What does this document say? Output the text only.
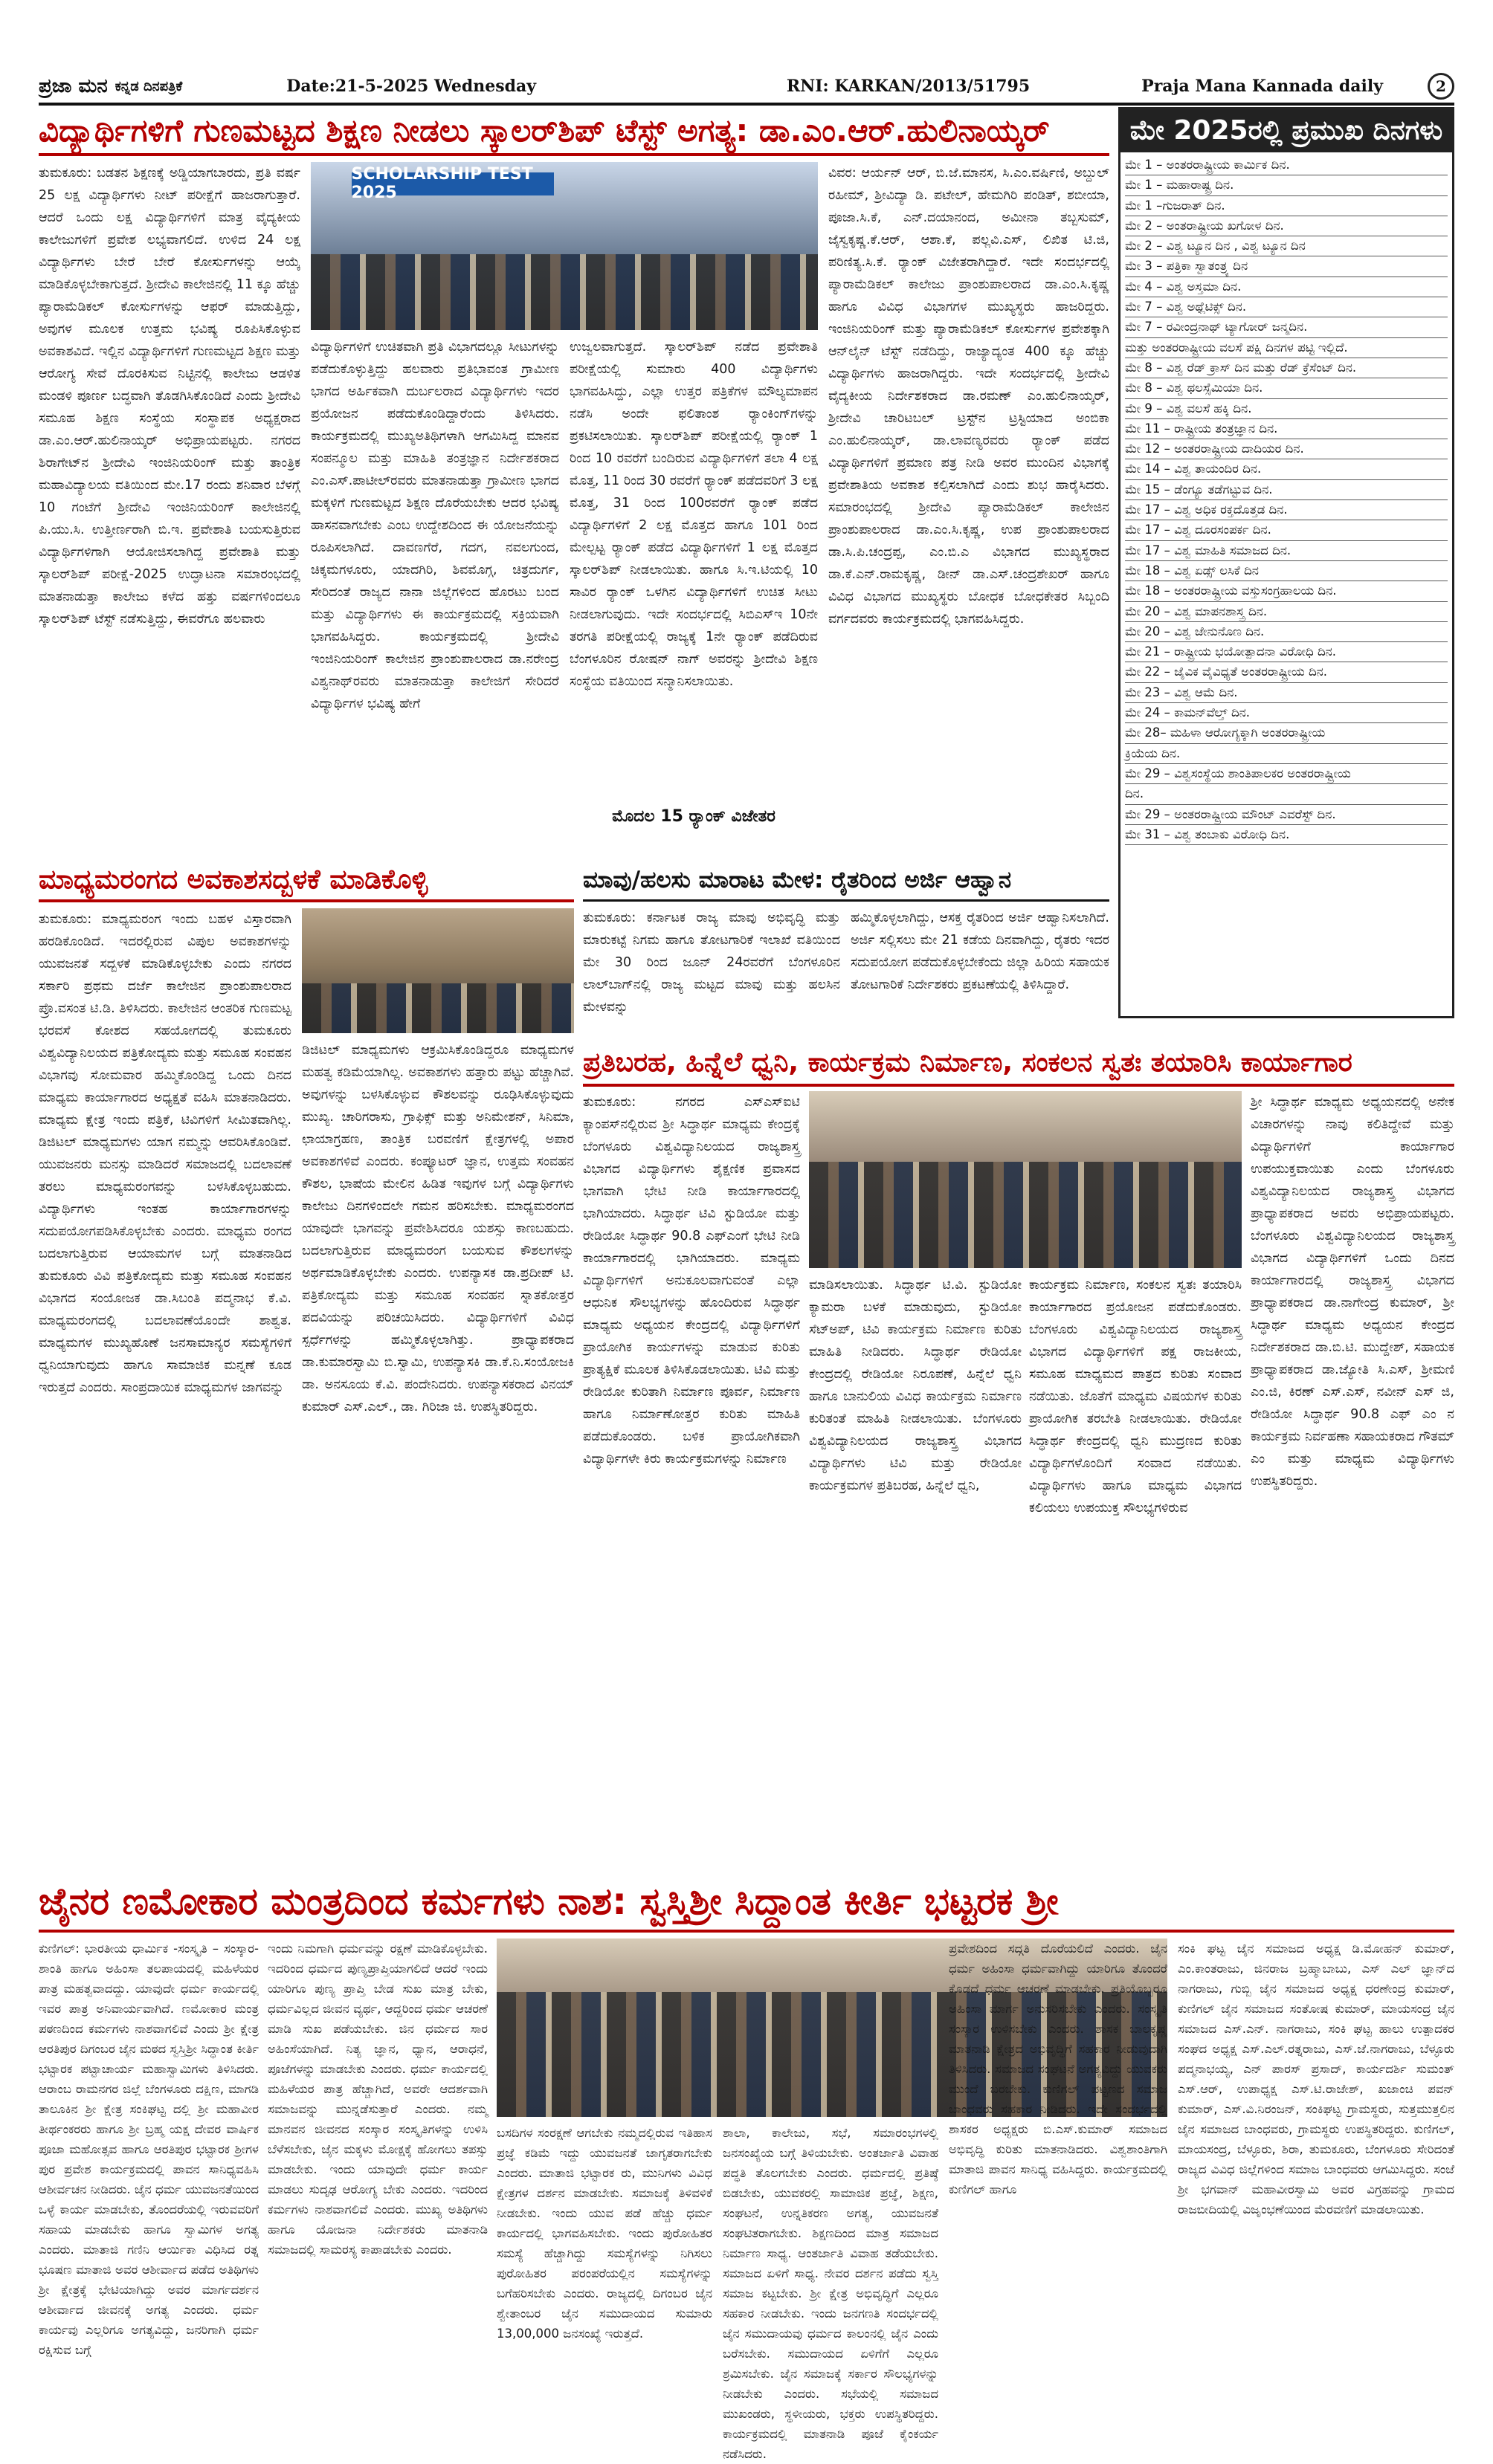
ಪ್ರಜಾ ಮನ ಕನ್ನಡ ದಿನಪತ್ರಿಕೆ	Date:21-5-2025 Wednesday	RNI: KARKAN/2013/51795	Praja Mana Kannada daily	2
ವಿದ್ಯಾರ್ಥಿಗಳಿಗೆ ಗುಣಮಟ್ಟದ ಶಿಕ್ಷಣ ನೀಡಲು ಸ್ಕಾಲರ್‌ಶಿಪ್ ಟೆಸ್ಟ್ ಅಗತ್ಯ: ಡಾ.ಎಂ.ಆರ್.ಹುಲಿನಾಯ್ಕರ್
ತುಮಕೂರು: ಬಡತನ ಶಿಕ್ಷಣಕ್ಕೆ ಅಡ್ಡಿಯಾಗಬಾರದು, ಪ್ರತಿ ವರ್ಷ 25 ಲಕ್ಷ ವಿದ್ಯಾರ್ಥಿಗಳು ನೀಟ್ ಪರೀಕ್ಷೆಗೆ ಹಾಜರಾಗುತ್ತಾರೆ. ಆದರೆ ಒಂದು ಲಕ್ಷ ವಿದ್ಯಾರ್ಥಿಗಳಿಗೆ ಮಾತ್ರ ವೈದ್ಯಕೀಯ ಕಾಲೇಜುಗಳಿಗೆ ಪ್ರವೇಶ ಲಭ್ಯವಾಗಲಿದೆ. ಉಳಿದ 24 ಲಕ್ಷ ವಿದ್ಯಾರ್ಥಿಗಳು ಬೇರೆ ಬೇರೆ ಕೋರ್ಸುಗಳನ್ನು ಆಯ್ಕೆ ಮಾಡಿಕೊಳ್ಳಬೇಕಾಗುತ್ತದೆ. ಶ್ರೀದೇವಿ ಕಾಲೇಜಿನಲ್ಲಿ 11 ಕ್ಕೂ ಹೆಚ್ಚು ಪ್ಯಾರಾಮೆಡಿಕಲ್ ಕೋರ್ಸುಗಳನ್ನು ಆಫರ್ ಮಾಡುತ್ತಿದ್ದು, ಅವುಗಳ ಮೂಲಕ ಉತ್ತಮ ಭವಿಷ್ಯ ರೂಪಿಸಿಕೊಳ್ಳುವ ಅವಕಾಶವಿದೆ. ಇಲ್ಲಿನ ವಿದ್ಯಾರ್ಥಿಗಳಿಗೆ ಗುಣಮಟ್ಟದ ಶಿಕ್ಷಣ ಮತ್ತು ಆರೋಗ್ಯ ಸೇವೆ ದೊರಕಿಸುವ ನಿಟ್ಟಿನಲ್ಲಿ ಕಾಲೇಜು ಆಡಳಿತ ಮಂಡಳಿ ಪೂರ್ಣ ಬದ್ಧವಾಗಿ ತೊಡಗಿಸಿಕೊಂಡಿದೆ ಎಂದು ಶ್ರೀದೇವಿ ಸಮೂಹ ಶಿಕ್ಷಣ ಸಂಸ್ಥೆಯ ಸಂಸ್ಥಾಪಕ ಅಧ್ಯಕ್ಷರಾದ ಡಾ.ಎಂ.ಆರ್.ಹುಲಿನಾಯ್ಕರ್ ಅಭಿಪ್ರಾಯಪಟ್ಟರು. ನಗರದ ಶಿರಾಗೇಟ್‌ನ ಶ್ರೀದೇವಿ ಇಂಜಿನಿಯರಿಂಗ್ ಮತ್ತು ತಾಂತ್ರಿಕ ಮಹಾವಿದ್ಯಾಲಯ ವತಿಯಿಂದ ಮೇ.17 ರಂದು ಶನಿವಾರ ಬೆಳಗ್ಗೆ 10 ಗಂಟೆಗೆ ಶ್ರೀದೇವಿ ಇಂಜಿನಿಯರಿಂಗ್ ಕಾಲೇಜಿನಲ್ಲಿ ಪಿ.ಯು.ಸಿ. ಉತ್ತೀರ್ಣರಾಗಿ ಬಿ.ಇ. ಪ್ರವೇಶಾತಿ ಬಯಸುತ್ತಿರುವ ವಿದ್ಯಾರ್ಥಿಗಳಿಗಾಗಿ ಆಯೋಜಿಸಲಾಗಿದ್ದ ಪ್ರವೇಶಾತಿ ಮತ್ತು ಸ್ಕಾಲರ್‌ಶಿಪ್ ಪರೀಕ್ಷೆ-2025 ಉದ್ಘಾಟನಾ ಸಮಾರಂಭದಲ್ಲಿ ಮಾತನಾಡುತ್ತಾ ಕಾಲೇಜು ಕಳೆದ ಹತ್ತು ವರ್ಷಗಳಿಂದಲೂ ಸ್ಕಾಲರ್‌ಶಿಪ್ ಟೆಸ್ಟ್ ನಡೆಸುತ್ತಿದ್ದು, ಈವರೆಗೂ ಹಲವಾರು
SCHOLARSHIP TEST 2025
ವಿದ್ಯಾರ್ಥಿಗಳಿಗೆ ಉಚಿತವಾಗಿ ಪ್ರತಿ ವಿಭಾಗದಲ್ಲೂ ಸೀಟುಗಳನ್ನು ಪಡೆದುಕೊಳ್ಳುತ್ತಿದ್ದು ಹಲವಾರು ಪ್ರತಿಭಾವಂತ ಗ್ರಾಮೀಣ ಭಾಗದ ಅರ್ಹಿಕವಾಗಿ ದುರ್ಬಲರಾದ ವಿದ್ಯಾರ್ಥಿಗಳು ಇದರ ಪ್ರಯೋಜನ ಪಡೆದುಕೊಂಡಿದ್ದಾರೆಂದು ತಿಳಿಸಿದರು. ಕಾರ್ಯಕ್ರಮದಲ್ಲಿ ಮುಖ್ಯಅತಿಥಿಗಳಾಗಿ ಆಗಮಿಸಿದ್ದ ಮಾನವ ಸಂಪನ್ಮೂಲ ಮತ್ತು ಮಾಹಿತಿ ತಂತ್ರಜ್ಞಾನ ನಿರ್ದೇಶಕರಾದ ಎಂ.ಎಸ್.ಪಾಟೀಲ್‌ರವರು ಮಾತನಾಡುತ್ತಾ ಗ್ರಾಮೀಣ ಭಾಗದ ಮಕ್ಕಳಿಗೆ ಗುಣಮಟ್ಟದ ಶಿಕ್ಷಣ ದೊರೆಯಬೇಕು ಆದರ ಭವಿಷ್ಯ ಹಾಸನವಾಗಬೇಕು ಎಂಬ ಉದ್ದೇಶದಿಂದ ಈ ಯೋಜನೆಯನ್ನು ರೂಪಿಸಲಾಗಿದೆ. ದಾವಣಗೆರೆ, ಗದಗ, ನವಲಗುಂದ, ಚಿಕ್ಕಮಗಳೂರು, ಯಾದಗಿರಿ, ಶಿವಮೊಗ್ಗ, ಚಿತ್ರದುರ್ಗ, ಸೇರಿದಂತೆ ರಾಜ್ಯದ ನಾನಾ ಜಿಲ್ಲೆಗಳಿಂದ ಹೊರಟು ಬಂದ ಮತ್ತು ವಿದ್ಯಾರ್ಥಿಗಳು ಈ ಕಾರ್ಯಕ್ರಮದಲ್ಲಿ ಸಕ್ರಿಯವಾಗಿ ಭಾಗವಹಿಸಿದ್ದರು. ಕಾರ್ಯಕ್ರಮದಲ್ಲಿ ಶ್ರೀದೇವಿ ಇಂಜಿನಿಯರಿಂಗ್ ಕಾಲೇಜಿನ ಪ್ರಾಂಶುಪಾಲರಾದ ಡಾ.ನರೇಂದ್ರ ವಿಶ್ವನಾಥ್‌ರವರು ಮಾತನಾಡುತ್ತಾ ಕಾಲೇಜಿಗೆ ಸೇರಿದರೆ ವಿದ್ಯಾರ್ಥಿಗಳ ಭವಿಷ್ಯ ಹೇಗೆ
ಉಜ್ವಲವಾಗುತ್ತದೆ. ಸ್ಕಾಲರ್‌ಶಿಪ್ ನಡೆದ ಪ್ರವೇಶಾತಿ ಪರೀಕ್ಷೆಯಲ್ಲಿ ಸುಮಾರು 400 ವಿದ್ಯಾರ್ಥಿಗಳು ಭಾಗವಹಿಸಿದ್ದು, ಎಲ್ಲಾ ಉತ್ತರ ಪತ್ರಿಕೆಗಳ ಮೌಲ್ಯಮಾಪನ ನಡೆಸಿ ಅಂದೇ ಫಲಿತಾಂಶ ರ್‍ಯಾಂಕಿಂಗ್‌ಗಳನ್ನು ಪ್ರಕಟಿಸಲಾಯಿತು. ಸ್ಕಾಲರ್‌ಶಿಪ್ ಪರೀಕ್ಷೆಯಲ್ಲಿ ರ್‍ಯಾಂಕ್ 1 ರಿಂದ 10 ರವರೆಗೆ ಬಂದಿರುವ ವಿದ್ಯಾರ್ಥಿಗಳಿಗೆ ತಲಾ 4 ಲಕ್ಷ ಮೊತ್ತ, 11 ರಿಂದ 30 ರವರೆಗೆ ರ್‍ಯಾಂಕ್ ಪಡೆದವರಿಗೆ 3 ಲಕ್ಷ ಮೊತ್ತ, 31 ರಿಂದ 100ರವರೆಗೆ ರ್‍ಯಾಂಕ್ ಪಡೆದ ವಿದ್ಯಾರ್ಥಿಗಳಿಗೆ 2 ಲಕ್ಷ ಮೊತ್ತದ ಹಾಗೂ 101 ರಿಂದ ಮೇಲ್ಪಟ್ಟ ರ್‍ಯಾಂಕ್ ಪಡೆದ ವಿದ್ಯಾರ್ಥಿಗಳಿಗೆ 1 ಲಕ್ಷ ಮೊತ್ತದ ಸ್ಕಾಲರ್‌ಶಿಪ್ ನೀಡಲಾಯಿತು. ಹಾಗೂ ಸಿ.ಇ.ಟಿಯಲ್ಲಿ 10 ಸಾವಿರ ರ್‍ಯಾಂಕ್ ಒಳಗಿನ ವಿದ್ಯಾರ್ಥಿಗಳಿಗೆ ಉಚಿತ ಸೀಟು ನೀಡಲಾಗುವುದು. ಇದೇ ಸಂದರ್ಭದಲ್ಲಿ ಸಿಬಿಎಸ್ಇ 10ನೇ ತರಗತಿ ಪರೀಕ್ಷೆಯಲ್ಲಿ ರಾಜ್ಯಕ್ಕೆ 1ನೇ ರ್‍ಯಾಂಕ್ ಪಡೆದಿರುವ ಬೆಂಗಳೂರಿನ ರೋಷನ್ ನಾಗ್ ಅವರನ್ನು ಶ್ರೀದೇವಿ ಶಿಕ್ಷಣ ಸಂಸ್ಥೆಯ ವತಿಯಿಂದ ಸನ್ಮಾನಿಸಲಾಯಿತು.
ಮೊದಲ 15 ರ್‍ಯಾಂಕ್ ವಿಜೇತರ
ವಿವರ: ಆರ್ಯನ್ ಆರ್, ಬಿ.ಜೆ.ಮಾನಸ, ಸಿ.ಎಂ.ವರ್ಷಿಣಿ, ಅಬ್ದುಲ್ ರಹೀಮ್, ಶ್ರೀವಿದ್ಯಾ ಡಿ. ಪಟೇಲ್, ಹೇಮಗಿರಿ ಪಂಡಿತ್, ಶಬೀಯಾ, ಪೂಜಾ.ಸಿ.ಕೆ, ಎನ್.ದಯಾನಂದ, ಅಮೀನಾ ತಬ್ಬಸುಮ್, ಜೈಸ್ವಕೃಷ್ಣ.ಕೆ.ಆರ್, ಆಶಾ.ಕೆ, ಪಲ್ಲವಿ.ಎಸ್, ಲಿಖಿತ ಟಿ.ಜಿ, ಪರಿಣಿತ್ಯ.ಸಿ.ಕೆ. ರ್‍ಯಾಂಕ್ ವಿಜೇತರಾಗಿದ್ದಾರೆ. ಇದೇ ಸಂದರ್ಭದಲ್ಲಿ ಪ್ಯಾರಾಮೆಡಿಕಲ್ ಕಾಲೇಜು ಪ್ರಾಂಶುಪಾಲರಾದ ಡಾ.ಎಂ.ಸಿ.ಕೃಷ್ಣ ಹಾಗೂ ವಿವಿಧ ವಿಭಾಗಗಳ ಮುಖ್ಯಸ್ಥರು ಹಾಜರಿದ್ದರು. ಇಂಜಿನಿಯರಿಂಗ್ ಮತ್ತು ಪ್ಯಾರಾಮೆಡಿಕಲ್ ಕೋರ್ಸುಗಳ ಪ್ರವೇಶಕ್ಕಾಗಿ ಆನ್‌ಲೈನ್ ಟೆಸ್ಟ್ ನಡೆದಿದ್ದು, ರಾಜ್ಯಾದ್ಯಂತ 400 ಕ್ಕೂ ಹೆಚ್ಚು ವಿದ್ಯಾರ್ಥಿಗಳು ಹಾಜರಾಗಿದ್ದರು. ಇದೇ ಸಂದರ್ಭದಲ್ಲಿ ಶ್ರೀದೇವಿ ವೈದ್ಯಕೀಯ ನಿರ್ದೇಶಕರಾದ ಡಾ.ರಮಣ್ ಎಂ.ಹುಲಿನಾಯ್ಕರ್, ಶ್ರೀದೇವಿ ಚಾರಿಟಬಲ್ ಟ್ರಸ್ಟ್‌ನ ಟ್ರಸ್ಟಿಯಾದ ಅಂಬಿಕಾ ಎಂ.ಹುಲಿನಾಯ್ಕರ್, ಡಾ.ಲಾವಣ್ಯರವರು ರ್‍ಯಾಂಕ್ ಪಡೆದ ವಿದ್ಯಾರ್ಥಿಗಳಿಗೆ ಪ್ರಮಾಣ ಪತ್ರ ನೀಡಿ ಅವರ ಮುಂದಿನ ವಿಭಾಗಕ್ಕೆ ಪ್ರವೇಶಾತಿಯ ಅವಕಾಶ ಕಲ್ಪಿಸಲಾಗಿದೆ ಎಂದು ಶುಭ ಹಾರೈಸಿದರು. ಸಮಾರಂಭದಲ್ಲಿ ಶ್ರೀದೇವಿ ಪ್ಯಾರಾಮೆಡಿಕಲ್ ಕಾಲೇಜಿನ ಪ್ರಾಂಶುಪಾಲರಾದ ಡಾ.ಎಂ.ಸಿ.ಕೃಷ್ಣ, ಉಪ ಪ್ರಾಂಶುಪಾಲರಾದ ಡಾ.ಸಿ.ಪಿ.ಚಂದ್ರಪ್ಪ, ಎಂ.ಬಿ.ಎ ವಿಭಾಗದ ಮುಖ್ಯಸ್ಥರಾದ ಡಾ.ಕೆ.ಎನ್.ರಾಮಕೃಷ್ಣ, ಡೀನ್ ಡಾ.ಎಸ್.ಚಂದ್ರಶೇಖರ್ ಹಾಗೂ ವಿವಿಧ ವಿಭಾಗದ ಮುಖ್ಯಸ್ಥರು ಬೋಧಕ ಬೋಧಕೇತರ ಸಿಬ್ಬಂದಿ ವರ್ಗದವರು ಕಾರ್ಯಕ್ರಮದಲ್ಲಿ ಭಾಗವಹಿಸಿದ್ದರು.
ಮೇ 2025ರಲ್ಲಿ ಪ್ರಮುಖ ದಿನಗಳು
ಮೇ 1 – ಅಂತರರಾಷ್ಟ್ರೀಯ ಕಾರ್ಮಿಕ ದಿನ.
ಮೇ 1 – ಮಹಾರಾಷ್ಟ್ರ ದಿನ.
ಮೇ 1 –ಗುಜರಾತ್ ದಿನ.
ಮೇ 2 – ಅಂತರಾಷ್ಟ್ರೀಯ ಖಗೋಳ ದಿನ.
ಮೇ 2 – ವಿಶ್ವ ಟ್ಯೂನ ದಿನ , ವಿಶ್ವ ಟ್ಯೂನ ದಿನ
ಮೇ 3 – ಪತ್ರಿಕಾ ಸ್ವಾತಂತ್ರ್ಯ ದಿನ
ಮೇ 4 – ವಿಶ್ವ ಅಸ್ತಮಾ ದಿನ.
ಮೇ 7 – ವಿಶ್ವ ಅಥ್ಲೆಟಿಕ್ಸ್ ದಿನ.
ಮೇ 7 – ರವೀಂದ್ರನಾಥ್ ಟ್ಯಾಗೋರ್ ಜನ್ಮದಿನ.
ಮತ್ತು ಅಂತರರಾಷ್ಟ್ರೀಯ ವಲಸೆ ಪಕ್ಷಿ ದಿನಗಳ ಪಟ್ಟಿ ಇಲ್ಲಿದೆ.
ಮೇ 8 – ವಿಶ್ವ ರೆಡ್ ಕ್ರಾಸ್ ದಿನ ಮತ್ತು ರೆಡ್ ಕ್ರೆಸೆಂಟ್ ದಿನ.
ಮೇ 8 – ವಿಶ್ವ ಥಲಸ್ಸೆಮಿಯಾ ದಿನ.
ಮೇ 9 – ವಿಶ್ವ ವಲಸೆ ಹಕ್ಕಿ ದಿನ.
ಮೇ 11 – ರಾಷ್ಟ್ರೀಯ ತಂತ್ರಜ್ಞಾನ ದಿನ.
ಮೇ 12 – ಅಂತರರಾಷ್ಟ್ರೀಯ ದಾದಿಯರ ದಿನ.
ಮೇ 14 – ವಿಶ್ವ ತಾಯಂದಿರ ದಿನ.
ಮೇ 15 – ಡೆಂಗ್ಯೂ ತಡೆಗಟ್ಟುವ ದಿನ.
ಮೇ 17 – ವಿಶ್ವ ಅಧಿಕ ರಕ್ತದೊತ್ತಡ ದಿನ.
ಮೇ 17 – ವಿಶ್ವ ದೂರಸಂಪರ್ಕ ದಿನ.
ಮೇ 17 – ವಿಶ್ವ ಮಾಹಿತಿ ಸಮಾಜದ ದಿನ.
ಮೇ 18 – ವಿಶ್ವ ಏಡ್ಸ್ ಲಸಿಕೆ ದಿನ
ಮೇ 18 – ಅಂತರರಾಷ್ಟ್ರೀಯ ವಸ್ತುಸಂಗ್ರಹಾಲಯ ದಿನ.
ಮೇ 20 – ವಿಶ್ವ ಮಾಪನಶಾಸ್ತ್ರ ದಿನ.
ಮೇ 20 – ವಿಶ್ವ ಜೇನುನೊಣ ದಿನ.
ಮೇ 21 – ರಾಷ್ಟ್ರೀಯ ಭಯೋತ್ಪಾದನಾ ವಿರೋಧಿ ದಿನ.
ಮೇ 22 – ಜೈವಿಕ ವೈವಿಧ್ಯತೆ ಅಂತರರಾಷ್ಟ್ರೀಯ ದಿನ.
ಮೇ 23 – ವಿಶ್ವ ಆಮೆ ದಿನ.
ಮೇ 24 – ಕಾಮನ್‌ವೆಲ್ತ್ ದಿನ.
ಮೇ 28– ಮಹಿಳಾ ಆರೋಗ್ಯಕ್ಕಾಗಿ ಅಂತರರಾಷ್ಟ್ರೀಯ
ಕ್ರಿಯೆಯ ದಿನ.
ಮೇ 29 – ವಿಶ್ವಸಂಸ್ಥೆಯ ಶಾಂತಿಪಾಲಕರ ಅಂತರರಾಷ್ಟ್ರೀಯ
ದಿನ.
ಮೇ 29 – ಅಂತರರಾಷ್ಟ್ರೀಯ ಮೌಂಟ್ ಎವರೆಸ್ಟ್ ದಿನ.
ಮೇ 31 – ವಿಶ್ವ ತಂಬಾಕು ವಿರೋಧಿ ದಿನ.
ಮಾಧ್ಯಮರಂಗದ ಅವಕಾಶಸದ್ಬಳಕೆ ಮಾಡಿಕೊಳ್ಳಿ
ತುಮಕೂರು: ಮಾಧ್ಯಮರಂಗ ಇಂದು ಬಹಳ ವಿಸ್ತಾರವಾಗಿ ಹರಡಿಕೊಂಡಿದೆ. ಇದರಲ್ಲಿರುವ ವಿಪುಲ ಅವಕಾಶಗಳನ್ನು ಯುವಜನತೆ ಸದ್ಬಳಕೆ ಮಾಡಿಕೊಳ್ಳಬೇಕು ಎಂದು ನಗರದ ಸರ್ಕಾರಿ ಪ್ರಥಮ ದರ್ಜೆ ಕಾಲೇಜಿನ ಪ್ರಾಂಶುಪಾಲರಾದ ಪ್ರೊ.ವಸಂತ ಟಿ.ಡಿ. ತಿಳಿಸಿದರು. ಕಾಲೇಜಿನ ಆಂತರಿಕ ಗುಣಮಟ್ಟ ಭರವಸೆ ಕೋಶದ ಸಹಯೋಗದಲ್ಲಿ ತುಮಕೂರು ವಿಶ್ವವಿದ್ಯಾನಿಲಯದ ಪತ್ರಿಕೋದ್ಯಮ ಮತ್ತು ಸಮೂಹ ಸಂವಹನ ವಿಭಾಗವು ಸೋಮವಾರ ಹಮ್ಮಿಕೊಂಡಿದ್ದ ಒಂದು ದಿನದ ಮಾಧ್ಯಮ ಕಾರ್ಯಾಗಾರದ ಅಧ್ಯಕ್ಷತೆ ವಹಿಸಿ ಮಾತನಾಡಿದರು. ಮಾಧ್ಯಮ ಕ್ಷೇತ್ರ ಇಂದು ಪತ್ರಿಕೆ, ಟಿವಿಗಳಿಗೆ ಸೀಮಿತವಾಗಿಲ್ಲ. ಡಿಜಿಟಲ್ ಮಾಧ್ಯಮಗಳು ಯಾಗ ನಮ್ಮನ್ನು ಆವರಿಸಿಕೊಂಡಿವೆ. ಯುವಜನರು ಮನಸ್ಸು ಮಾಡಿದರೆ ಸಮಾಜದಲ್ಲಿ ಬದಲಾವಣೆ ತರಲು ಮಾಧ್ಯಮರಂಗವನ್ನು ಬಳಸಿಕೊಳ್ಳಬಹುದು. ವಿದ್ಯಾರ್ಥಿಗಳು ಇಂತಹ ಕಾರ್ಯಾಗಾರಗಳನ್ನು ಸದುಪಯೋಗಪಡಿಸಿಕೊಳ್ಳಬೇಕು ಎಂದರು. ಮಾಧ್ಯಮ ರಂಗದ ಬದಲಾಗುತ್ತಿರುವ ಆಯಾಮಗಳ ಬಗ್ಗೆ ಮಾತನಾಡಿದ ತುಮಕೂರು ವಿವಿ ಪತ್ರಿಕೋದ್ಯಮ ಮತ್ತು ಸಮೂಹ ಸಂವಹನ ವಿಭಾಗದ ಸಂಯೋಜಕ ಡಾ.ಸಿಬಂತಿ ಪದ್ಮನಾಭ ಕೆ.ವಿ. ಮಾಧ್ಯಮರಂಗದಲ್ಲಿ ಬದಲಾವಣೆಯೊಂದೇ ಶಾಶ್ವತ. ಮಾಧ್ಯಮಗಳ ಮುಖ್ಯಹೊಣೆ ಜನಸಾಮಾನ್ಯರ ಸಮಸ್ಯೆಗಳಿಗೆ ಧ್ವನಿಯಾಗುವುದು ಹಾಗೂ ಸಾಮಾಜಿಕ ಮನ್ನಣೆ ಕೂಡ ಇರುತ್ತದೆ ಎಂದರು. ಸಾಂಪ್ರದಾಯಿಕ ಮಾಧ್ಯಮಗಳ ಜಾಗವನ್ನು
ಡಿಜಿಟಲ್ ಮಾಧ್ಯಮಗಳು ಆಕ್ರಮಿಸಿಕೊಂಡಿದ್ದರೂ ಮಾಧ್ಯಮಗಳ ಮಹತ್ವ ಕಡಿಮೆಯಾಗಿಲ್ಲ. ಅವಕಾಶಗಳು ಹತ್ತಾರು ಪಟ್ಟು ಹೆಚ್ಚಾಗಿವೆ. ಅವುಗಳನ್ನು ಬಳಸಿಕೊಳ್ಳುವ ಕೌಶಲವನ್ನು ರೂಢಿಸಿಕೊಳ್ಳುವುದು ಮುಖ್ಯ. ಚಾರಿಗರಾಸು, ಗ್ರಾಫಿಕ್ಸ್ ಮತ್ತು ಅನಿಮೇಶನ್, ಸಿನಿಮಾ, ಛಾಯಾಗ್ರಹಣ, ತಾಂತ್ರಿಕ ಬರವಣಿಗೆ ಕ್ಷೇತ್ರಗಳಲ್ಲಿ ಅಪಾರ ಅವಕಾಶಗಳಿವೆ ಎಂದರು. ಕಂಪ್ಯೂಟರ್ ಜ್ಞಾನ, ಉತ್ತಮ ಸಂವಹನ ಕೌಶಲ, ಭಾಷೆಯ ಮೇಲಿನ ಹಿಡಿತ ಇವುಗಳ ಬಗ್ಗೆ ವಿದ್ಯಾರ್ಥಿಗಳು ಕಾಲೇಜು ದಿನಗಳಿಂದಲೇ ಗಮನ ಹರಿಸಬೇಕು. ಮಾಧ್ಯಮರಂಗದ ಯಾವುದೇ ಭಾಗವನ್ನು ಪ್ರವೇಶಿಸಿದರೂ ಯಶಸ್ಸು ಕಾಣಬಹುದು. ಬದಲಾಗುತ್ತಿರುವ ಮಾಧ್ಯಮರಂಗ ಬಯಸುವ ಕೌಶಲಗಳನ್ನು ಅರ್ಥಮಾಡಿಕೊಳ್ಳಬೇಕು ಎಂದರು. ಉಪನ್ಯಾಸಕ ಡಾ.ಪ್ರದೀಪ್ ಟಿ. ಪತ್ರಿಕೋದ್ಯಮ ಮತ್ತು ಸಮೂಹ ಸಂವಹನ ಸ್ನಾತಕೋತ್ತರ ಪದವಿಯನ್ನು ಪರಿಚಯಿಸಿದರು. ವಿದ್ಯಾರ್ಥಿಗಳಿಗೆ ವಿವಿಧ ಸ್ಪರ್ಧೆಗಳನ್ನು ಹಮ್ಮಿಕೊಳ್ಳಲಾಗಿತ್ತು. ಪ್ರಾಧ್ಯಾಪಕರಾದ ಡಾ.ಕುಮಾರಸ್ವಾಮಿ ಬಿ.ಸ್ವಾಮಿ, ಉಪನ್ಯಾಸಕಿ ಡಾ.ಕೆ.ನಿ.ಸಂಯೋಜಕಿ ಡಾ. ಅನಸೂಯ ಕೆ.ವಿ. ಪಂದೇನಿದರು. ಉಪನ್ಯಾಸಕರಾದ ವಿನಯ್ ಕುಮಾರ್ ಎಸ್.ಎಲ್., ಡಾ. ಗಿರಿಜಾ ಜಿ. ಉಪಸ್ಥಿತರಿದ್ದರು.
ಮಾವು/ಹಲಸು ಮಾರಾಟ ಮೇಳ: ರೈತರಿಂದ ಅರ್ಜಿ ಆಹ್ವಾನ
ತುಮಕೂರು: ಕರ್ನಾಟಕ ರಾಜ್ಯ ಮಾವು ಅಭಿವೃದ್ಧಿ ಮತ್ತು ಮಾರುಕಟ್ಟೆ ನಿಗಮ ಹಾಗೂ ತೋಟಗಾರಿಕೆ ಇಲಾಖೆ ವತಿಯಿಂದ ಮೇ 30 ರಿಂದ ಜೂನ್ 24ರವರೆಗೆ ಬೆಂಗಳೂರಿನ ಲಾಲ್‌ಬಾಗ್‌ನಲ್ಲಿ ರಾಜ್ಯ ಮಟ್ಟದ ಮಾವು ಮತ್ತು ಹಲಸಿನ ಮೇಳವನ್ನು
ಹಮ್ಮಿಕೊಳ್ಳಲಾಗಿದ್ದು, ಆಸಕ್ತ ರೈತರಿಂದ ಅರ್ಜಿ ಆಹ್ವಾನಿಸಲಾಗಿದೆ. ಅರ್ಜಿ ಸಲ್ಲಿಸಲು ಮೇ 21 ಕಡೆಯ ದಿನವಾಗಿದ್ದು, ರೈತರು ಇದರ ಸದುಪಯೋಗ ಪಡೆದುಕೊಳ್ಳಬೇಕೆಂದು ಜಿಲ್ಲಾ ಹಿರಿಯ ಸಹಾಯಕ ತೋಟಗಾರಿಕೆ ನಿರ್ದೇಶಕರು ಪ್ರಕಟಣೆಯಲ್ಲಿ ತಿಳಿಸಿದ್ದಾರೆ.
ಪ್ರತಿಬರಹ, ಹಿನ್ನೆಲೆ ಧ್ವನಿ, ಕಾರ್ಯಕ್ರಮ ನಿರ್ಮಾಣ, ಸಂಕಲನ ಸ್ವತಃ ತಯಾರಿಸಿ ಕಾರ್ಯಾಗಾರ
ತುಮಕೂರು: ನಗರದ ಎಸ್‌ಎಸ್‌ಐಟಿ ಕ್ಯಾಂಪಸ್‌ನಲ್ಲಿರುವ ಶ್ರೀ ಸಿದ್ಧಾರ್ಥ ಮಾಧ್ಯಮ ಕೇಂದ್ರಕ್ಕೆ ಬೆಂಗಳೂರು ವಿಶ್ವವಿದ್ಯಾನಿಲಯದ ರಾಜ್ಯಶಾಸ್ತ್ರ ವಿಭಾಗದ ವಿದ್ಯಾರ್ಥಿಗಳು ಶೈಕ್ಷಣಿಕ ಪ್ರವಾಸದ ಭಾಗವಾಗಿ ಭೇಟಿ ನೀಡಿ ಕಾರ್ಯಾಗಾರದಲ್ಲಿ ಭಾಗಿಯಾದರು. ಸಿದ್ಧಾರ್ಥ ಟಿವಿ ಸ್ಟುಡಿಯೋ ಮತ್ತು ರೇಡಿಯೋ ಸಿದ್ಧಾರ್ಥ 90.8 ಎಫ್‌ಎಂಗೆ ಭೇಟಿ ನೀಡಿ ಕಾರ್ಯಾಗಾರದಲ್ಲಿ ಭಾಗಿಯಾದರು. ಮಾಧ್ಯಮ ವಿದ್ಯಾರ್ಥಿಗಳಿಗೆ ಅನುಕೂಲವಾಗುವಂತೆ ಎಲ್ಲಾ ಆಧುನಿಕ ಸೌಲಭ್ಯಗಳನ್ನು ಹೊಂದಿರುವ ಸಿದ್ಧಾರ್ಥ ಮಾಧ್ಯಮ ಅಧ್ಯಯನ ಕೇಂದ್ರದಲ್ಲಿ ವಿದ್ಯಾರ್ಥಿಗಳಿಗೆ ಪ್ರಾಯೋಗಿಕ ಕಾರ್ಯಗಳನ್ನು ಮಾಡುವ ಕುರಿತು ಪ್ರಾತ್ಯಕ್ಷಿಕೆ ಮೂಲಕ ತಿಳಿಸಿಕೊಡಲಾಯಿತು. ಟಿವಿ ಮತ್ತು ರೇಡಿಯೋ ಕುರಿತಾಗಿ ನಿರ್ಮಾಣ ಪೂರ್ವ, ನಿರ್ಮಾಣ ಹಾಗೂ ನಿರ್ಮಾಣೋತ್ತರ ಕುರಿತು ಮಾಹಿತಿ ಪಡೆದುಕೊಂಡರು. ಬಳಿಕ ಪ್ರಾಯೋಗಿಕವಾಗಿ ವಿದ್ಯಾರ್ಥಿಗಳೇ ಕಿರು ಕಾರ್ಯಕ್ರಮಗಳನ್ನು ನಿರ್ಮಾಣ
ಮಾಡಿಸಲಾಯಿತು. ಸಿದ್ಧಾರ್ಥ ಟಿ.ವಿ. ಸ್ಟುಡಿಯೋ ಕ್ಯಾಮರಾ ಬಳಕೆ ಮಾಡುವುದು, ಸ್ಟುಡಿಯೋ ಸೆಟ್‌ಅಪ್, ಟಿವಿ ಕಾರ್ಯಕ್ರಮ ನಿರ್ಮಾಣ ಕುರಿತು ಮಾಹಿತಿ ನೀಡಿದರು. ಸಿದ್ಧಾರ್ಥ ರೇಡಿಯೋ ಕೇಂದ್ರದಲ್ಲಿ ರೇಡಿಯೋ ನಿರೂಪಣೆ, ಹಿನ್ನೆಲೆ ಧ್ವನಿ ಹಾಗೂ ಬಾನುಲಿಯ ವಿವಿಧ ಕಾರ್ಯಕ್ರಮ ನಿರ್ಮಾಣ ಕುರಿತಂತೆ ಮಾಹಿತಿ ನೀಡಲಾಯಿತು. ಬೆಂಗಳೂರು ವಿಶ್ವವಿದ್ಯಾನಿಲಯದ ರಾಜ್ಯಶಾಸ್ತ್ರ ವಿಭಾಗದ ವಿದ್ಯಾರ್ಥಿಗಳು ಟಿವಿ ಮತ್ತು ರೇಡಿಯೋ ಕಾರ್ಯಕ್ರಮಗಳ ಪ್ರತಿಬರಹ, ಹಿನ್ನೆಲೆ ಧ್ವನಿ,
ಕಾರ್ಯಕ್ರಮ ನಿರ್ಮಾಣ, ಸಂಕಲನ ಸ್ವತಃ ತಯಾರಿಸಿ ಕಾರ್ಯಾಗಾರದ ಪ್ರಯೋಜನ ಪಡೆದುಕೊಂಡರು. ಬೆಂಗಳೂರು ವಿಶ್ವವಿದ್ಯಾನಿಲಯದ ರಾಜ್ಯಶಾಸ್ತ್ರ ವಿಭಾಗದ ವಿದ್ಯಾರ್ಥಿಗಳಿಗೆ ಪಕ್ಷ ರಾಜಕೀಯ, ಸಮೂಹ ಮಾಧ್ಯಮದ ಪಾತ್ರದ ಕುರಿತು ಸಂವಾದ ನಡೆಯಿತು. ಜೊತೆಗೆ ಮಾಧ್ಯಮ ವಿಷಯಗಳ ಕುರಿತು ಪ್ರಾಯೋಗಿಕ ತರಬೇತಿ ನೀಡಲಾಯಿತು. ರೇಡಿಯೋ ಸಿದ್ಧಾರ್ಥ ಕೇಂದ್ರದಲ್ಲಿ ಧ್ವನಿ ಮುದ್ರಣದ ಕುರಿತು ವಿದ್ಯಾರ್ಥಿಗಳೊಂದಿಗೆ ಸಂವಾದ ನಡೆಯಿತು. ವಿದ್ಯಾರ್ಥಿಗಳು ಹಾಗೂ ಮಾಧ್ಯಮ ವಿಭಾಗದ ಕಲಿಯಲು ಉಪಯುಕ್ತ ಸೌಲಭ್ಯಗಳಿರುವ
ಶ್ರೀ ಸಿದ್ಧಾರ್ಥ ಮಾಧ್ಯಮ ಅಧ್ಯಯನದಲ್ಲಿ ಅನೇಕ ವಿಚಾರಗಳನ್ನು ನಾವು ಕಲಿತಿದ್ದೇವೆ ಮತ್ತು ವಿದ್ಯಾರ್ಥಿಗಳಿಗೆ ಕಾರ್ಯಾಗಾರ ಉಪಯುಕ್ತವಾಯಿತು ಎಂದು ಬೆಂಗಳೂರು ವಿಶ್ವವಿದ್ಯಾನಿಲಯದ ರಾಜ್ಯಶಾಸ್ತ್ರ ವಿಭಾಗದ ಪ್ರಾಧ್ಯಾಪಕರಾದ ಅವರು ಅಭಿಪ್ರಾಯಪಟ್ಟರು. ಬೆಂಗಳೂರು ವಿಶ್ವವಿದ್ಯಾನಿಲಯದ ರಾಜ್ಯಶಾಸ್ತ್ರ ವಿಭಾಗದ ವಿದ್ಯಾರ್ಥಿಗಳಿಗೆ ಒಂದು ದಿನದ ಕಾರ್ಯಾಗಾರದಲ್ಲಿ ರಾಜ್ಯಶಾಸ್ತ್ರ ವಿಭಾಗದ ಪ್ರಾಧ್ಯಾಪಕರಾದ ಡಾ.ನಾಗೇಂದ್ರ ಕುಮಾರ್, ಶ್ರೀ ಸಿದ್ಧಾರ್ಥ ಮಾಧ್ಯಮ ಅಧ್ಯಯನ ಕೇಂದ್ರದ ನಿರ್ದೇಶಕರಾದ ಡಾ.ಬಿ.ಟಿ. ಮುದ್ದೇಶ್, ಸಹಾಯಕ ಪ್ರಾಧ್ಯಾಪಕರಾದ ಡಾ.ಜ್ಯೋತಿ ಸಿ.ಎಸ್, ಶ್ರೀಮಣಿ ಎಂ.ಜಿ, ಕಿರಣ್ ಎಸ್.ಎಸ್, ನವೀನ್ ಎಸ್ ಜಿ, ರೇಡಿಯೋ ಸಿದ್ಧಾರ್ಥ 90.8 ಎಫ್ ಎಂ ನ ಕಾರ್ಯಕ್ರಮ ನಿರ್ವಹಣಾ ಸಹಾಯಕರಾದ ಗೌತಮ್ ಎಂ ಮತ್ತು ಮಾಧ್ಯಮ ವಿದ್ಯಾರ್ಥಿಗಳು ಉಪಸ್ಥಿತರಿದ್ದರು.
ಜೈನರ ಣಮೋಕಾರ ಮಂತ್ರದಿಂದ ಕರ್ಮಗಳು ನಾಶ: ಸ್ವಸ್ತಿಶ್ರೀ ಸಿದ್ದಾಂತ ಕೀರ್ತಿ ಭಟ್ಟರಕ ಶ್ರೀ
ಕುಣಿಗಲ್: ಭಾರತೀಯ ಧಾರ್ಮಿಕ -ಸಂಸ್ಕೃತಿ – ಸಂಸ್ಕಾರ-ಶಾಂತಿ ಹಾಗೂ ಅಹಿಂಸಾ ತಲಪಾಯದಲ್ಲಿ ಮಹಿಳೆಯರ ಪಾತ್ರ ಮಹತ್ವವಾದದ್ದು. ಯಾವುದೇ ಧರ್ಮ ಕಾರ್ಯದಲ್ಲಿ ಇವರ ಪಾತ್ರ ಅನಿವಾರ್ಯವಾಗಿದೆ. ಣಮೋಕಾರ ಮಂತ್ರ ಪಠಣದಿಂದ ಕರ್ಮಗಳು ನಾಶವಾಗಲಿವೆ ಎಂದು ಶ್ರೀ ಕ್ಷೇತ್ರ ಆರತಿಪುರ ದಿಗಂಬರ ಜೈನ ಮಠದ ಸ್ವಸ್ತಿಶ್ರೀ ಸಿದ್ಧಾಂತ ಕೀರ್ತಿ ಭಟ್ಟಾರಕ ಪಟ್ಟಾಚಾರ್ಯ ಮಹಾಸ್ವಾಮಿಗಳು ತಿಳಿಸಿದರು. ಆರಾಂಬ ರಾಮನಗರ ಜಿಲ್ಲೆ ಬೆಂಗಳೂರು ದಕ್ಷಿಣ, ಮಾಗಡಿ ತಾಲೂಕಿನ ಶ್ರೀ ಕ್ಷೇತ್ರ ಸಂಕಿಘಟ್ಟ ದಲ್ಲಿ ಶ್ರೀ ಮಹಾವೀರ ತೀರ್ಥಂಕರರು ಹಾಗೂ ಶ್ರೀ ಬ್ರಹ್ಮ ಯಕ್ಷ ದೇವರ ವಾರ್ಷಿಕ ಪೂಜಾ ಮಹೋತ್ಸವ ಹಾಗೂ ಆರತಿಪುರ ಭಟ್ಟಾರಕ ಶ್ರೀಗಳ ಪುರ ಪ್ರವೇಶ ಕಾರ್ಯಕ್ರಮದಲ್ಲಿ ಪಾವನ ಸಾನಿಧ್ಯವಹಿಸಿ ಆಶೀರ್ವಚನ ನೀಡಿದರು. ಜೈನ ಧರ್ಮ ಯುವಜನತೆಯಿಂದ ಒಳ್ಳೆ ಕಾರ್ಯ ಮಾಡಬೇಕು, ತೊಂದರೆಯಲ್ಲಿ ಇರುವವರಿಗೆ ಸಹಾಯ ಮಾಡಬೇಕು ಹಾಗೂ ಸ್ವಾಮಿಗಳ ಅಗತ್ಯ ಎಂದರು. ಮಾತಾಜಿ ಗಣಿನಿ ಆರ್ಯಿಕಾ ವಿಧಿಸಿದ ರತ್ನ ಭೂಷಣ ಮಾತಾಜಿ ಅವರ ಆಶೀರ್ವಾದ ಪಡೆದ ಅತಿಥಿಗಳು ಶ್ರೀ ಕ್ಷೇತ್ರಕ್ಕೆ ಭೇಟಿಯಾಗಿದ್ದು ಅವರ ಮಾರ್ಗದರ್ಶನ ಆಶೀರ್ವಾದ ಜೀವನಕ್ಕೆ ಅಗತ್ಯ ಎಂದರು. ಧರ್ಮ ಕಾರ್ಯವು ಎಲ್ಲರಿಗೂ ಅಗತ್ಯವಿದ್ದು, ಜನರಿಗಾಗಿ ಧರ್ಮ ರಕ್ಷಿಸುವ ಬಗ್ಗೆ
ಇಂದು ನಿಮಗಾಗಿ ಧರ್ಮವನ್ನು ರಕ್ಷಣೆ ಮಾಡಿಕೊಳ್ಳಬೇಕು. ಇದರಿಂದ ಧರ್ಮದ ಪುಣ್ಯಪ್ರಾಪ್ತಿಯಾಗಲಿದೆ ಆದರೆ ಇಂದು ಯಾರಿಗೂ ಪುಣ್ಯ ಪ್ರಾಪ್ತಿ ಬೇಡ ಸುಖ ಮಾತ್ರ ಬೇಕು, ಧರ್ಮವಿಲ್ಲದ ಜೀವನ ವ್ಯರ್ಥ, ಆದ್ದರಿಂದ ಧರ್ಮ ಆಚರಣೆ ಮಾಡಿ ಸುಖ ಪಡೆಯಬೇಕು. ಜಿನ ಧರ್ಮದ ಸಾರ ಅಹಿಂಸೆಯಾಗಿದೆ. ನಿತ್ಯ ಜ್ಞಾನ, ಧ್ಯಾನ, ಆರಾಧನೆ, ಪೂಜೆಗಳನ್ನು ಮಾಡಬೇಕು ಎಂದರು. ಧರ್ಮ ಕಾರ್ಯದಲ್ಲಿ ಮಹಿಳೆಯರ ಪಾತ್ರ ಹೆಚ್ಚಾಗಿದೆ, ಅವರೇ ಆದರ್ಶವಾಗಿ ಸಮಾಜವನ್ನು ಮುನ್ನಡೆಸುತ್ತಾರೆ ಎಂದರು. ನಮ್ಮ ಮಾನವನ ಜೀವನದ ಸಂಸ್ಕಾರ ಸಂಸ್ಕೃತಿಗಳನ್ನು ಉಳಿಸಿ ಬೆಳೆಸಬೇಕು, ಜೈನ ಮಕ್ಕಳು ಮೋಕ್ಷಕ್ಕೆ ಹೋಗಲು ತಪಸ್ಸು ಮಾಡಬೇಕು. ಇಂದು ಯಾವುದೇ ಧರ್ಮ ಕಾರ್ಯ ಮಾಡಲು ಸುದೃಢ ಆರೋಗ್ಯ ಬೇಕು ಎಂದರು. ಇದರಿಂದ ಕರ್ಮಗಳು ನಾಶವಾಗಲಿವೆ ಎಂದರು. ಮುಖ್ಯ ಅತಿಥಿಗಳು ಹಾಗೂ ಯೋಜನಾ ನಿರ್ದೇಶಕರು ಮಾತನಾಡಿ ಸಮಾಜದಲ್ಲಿ ಸಾಮರಸ್ಯ ಕಾಪಾಡಬೇಕು ಎಂದರು.
ಬಸದಿಗಳ ಸಂರಕ್ಷಣೆ ಆಗಬೇಕು ನಮ್ಮದಲ್ಲಿರುವ ಇತಿಹಾಸ ಪ್ರಜ್ಞೆ ಕಡಿಮೆ ಇದ್ದು ಯುವಜನತೆ ಜಾಗೃತರಾಗಬೇಕು ಎಂದರು. ಮಾತಾಜಿ ಭಟ್ಟಾರಕ ರು, ಮುನಿಗಳು ವಿವಿಧ ಕ್ಷೇತ್ರಗಳ ದರ್ಶನ ಮಾಡಬೇಕು. ಸಮಾಜಕ್ಕೆ ತಿಳಿವಳಿಕೆ ನೀಡಬೇಕು. ಇಂದು ಯುವ ಪಡೆ ಹೆಚ್ಚು ಧರ್ಮ ಕಾರ್ಯದಲ್ಲಿ ಭಾಗವಹಿಸಬೇಕು. ಇಂದು ಪುರೋಹಿತರ ಸಮಸ್ಯೆ ಹೆಚ್ಚಾಗಿದ್ದು ಸಮಸ್ಯೆಗಳನ್ನು ನಿಗಿಸಲು ಪುರೋಹಿತರ ಪರಂಪರೆಯಲ್ಲಿನ ಸಮಸ್ಯೆಗಳನ್ನು ಬಗೆಹರಿಸಬೇಕು ಎಂದರು. ರಾಜ್ಯದಲ್ಲಿ ದಿಗಂಬರ ಜೈನ ಶ್ವೇತಾಂಬರ ಜೈನ ಸಮುದಾಯದ ಸುಮಾರು 13,00,000 ಜನಸಂಖ್ಯೆ ಇರುತ್ತದೆ.
ಶಾಲಾ, ಕಾಲೇಜು, ಸಭೆ, ಸಮಾರಂಭಗಳಲ್ಲಿ ಜನಸಂಖ್ಯೆಯ ಬಗ್ಗೆ ತಿಳಿಯಬೇಕು. ಅಂತರ್ಜಾತಿ ವಿವಾಹ ಪದ್ಧತಿ ತೊಲಗಬೇಕು ಎಂದರು. ಧರ್ಮದಲ್ಲಿ ಪ್ರತಿಷ್ಠೆ ಬಿಡಬೇಕು, ಯುವಕರಲ್ಲಿ ಸಾಮಾಜಿಕ ಪ್ರಜ್ಞೆ, ಶಿಕ್ಷಣ, ಸಂಘಟನೆ, ಉನ್ನತಿಕರಣ ಅಗತ್ಯ, ಯುವಜನತೆ ಸಂಘಟಿತರಾಗಬೇಕು. ಶಿಕ್ಷಣದಿಂದ ಮಾತ್ರ ಸಮಾಜದ ನಿರ್ಮಾಣ ಸಾಧ್ಯ. ಆಂತರ್ಜಾತಿ ವಿವಾಹ ತಡೆಯಬೇಕು. ಸಮಾಜದ ಏಳಿಗೆ ಸಾಧ್ಯ. ನೇವರ ದರ್ಶನ ಪಡೆದು ಸ್ವಸ್ತಿ ಸಮಾಜ ಕಟ್ಟಬೇಕು. ಶ್ರೀ ಕ್ಷೇತ್ರ ಅಭಿವೃದ್ಧಿಗೆ ಎಲ್ಲರೂ ಸಹಕಾರ ನೀಡಬೇಕು. ಇಂದು ಜನಗಣತಿ ಸಂದರ್ಭದಲ್ಲಿ ಜೈನ ಸಮುದಾಯವು ಧರ್ಮದ ಕಾಲಂನಲ್ಲಿ ಜೈನ ಎಂದು ಬರೆಸಬೇಕು. ಸಮುದಾಯದ ಏಳಿಗೆಗೆ ಎಲ್ಲರೂ ಶ್ರಮಿಸಬೇಕು. ಜೈನ ಸಮಾಜಕ್ಕೆ ಸರ್ಕಾರ ಸೌಲಭ್ಯಗಳನ್ನು ನೀಡಬೇಕು ಎಂದರು. ಸಭೆಯಲ್ಲಿ ಸಮಾಜದ ಮುಖಂಡರು, ಸ್ಥಳೀಯರು, ಭಕ್ತರು ಉಪಸ್ಥಿತರಿದ್ದರು. ಕಾರ್ಯಕ್ರಮದಲ್ಲಿ ಮಾತನಾಡಿ ಪೂಜೆ ಕೈಂಕರ್ಯ ನಡೆಸಿದರು.
ಪ್ರವೇಶದಿಂದ ಸದ್ಗತಿ ದೊರೆಯಲಿದೆ ಎಂದರು. ಜೈನ ಧರ್ಮ ಅಹಿಂಸಾ ಧರ್ಮವಾಗಿದ್ದು ಯಾರಿಗೂ ತೊಂದರೆ ಕೊಡದೆ ಧರ್ಮ ಆಚರಣೆ ಮಾಡಬೇಕು. ಪ್ರತಿಯೊಬ್ಬರೂ ಅಹಿಂಸಾ ಮಾರ್ಗ ಅನುಸರಿಸಬೇಕು ಎಂದರು. ಸಂಸ್ಕೃತಿ ಸಂಸ್ಕಾರ ಉಳಿಸಬೇಕು ಎಂದರು. ಶಾಸಕ ಬಾಲಕೃಷ್ಣ ಮಾತನಾಡಿ ಕ್ಷೇತ್ರದ ಅಭಿವೃದ್ಧಿಗೆ ಸಹಕಾರ ನೀಡುವುದಾಗಿ ತಿಳಿಸಿದರು. ಸಮಾಜದ ಸಂಘಟನೆ ಅಗತ್ಯವಿದ್ದು ಯುವಕರು ಮುಂದೆ ಬರಬೇಕು. ಕುಣಿಗಲ್ ಪಟ್ಟಣದ ಸಮಾಜ ಬಾಂಧವರು ಸಹಕಾರ ನೀಡಿದರು. ಇದೇ ಸಂದರ್ಭದಲ್ಲಿ ಶಾಸಕರ ಅಧ್ಯಕ್ಷರು ಬಿ.ಎಸ್.ಕುಮಾರ್ ಸಮಾಜದ ಅಭಿವೃದ್ಧಿ ಕುರಿತು ಮಾತನಾಡಿದರು. ವಿಶ್ವಶಾಂತಿಗಾಗಿ ಮಾತಾಜಿ ಪಾವನ ಸಾನಿಧ್ಯ ವಹಿಸಿದ್ದರು. ಕಾರ್ಯಕ್ರಮದಲ್ಲಿ ಕುಣಿಗಲ್ ಹಾಗೂ
ಸಂಕಿ ಘಟ್ಟ ಜೈನ ಸಮಾಜದ ಅಧ್ಯಕ್ಷ ಡಿ.ಮೋಹನ್ ಕುಮಾರ್, ಎಂ.ಕಾಂತರಾಜು, ಜಿನರಾಜ ಬ್ರಹ್ಮಾಬಾಬು, ಎಸ್ ಎಲ್ ಜ್ಞಾನ್‌ದ ನಾಗರಾಜು, ಗುಬ್ಬಿ ಜೈನ ಸಮಾಜದ ಅಧ್ಯಕ್ಷ ಧರಣೇಂದ್ರ ಕುಮಾರ್, ಕುಣಿಗಲ್ ಜೈನ ಸಮಾಜದ ಸಂತೋಷ ಕುಮಾರ್, ಮಾಯಸಂದ್ರ ಜೈನ ಸಮಾಜದ ಎಸ್.ಎನ್. ನಾಗರಾಜು, ಸಂಕಿ ಘಟ್ಟ ಹಾಲು ಉತ್ಪಾದಕರ ಸಂಘದ ಅಧ್ಯಕ್ಷ ಎಸ್.ಎಲ್.ರತ್ನರಾಜು, ಎಸ್.ಜೆ.ನಾಗರಾಜು, ಬೆಳ್ಳೂರು ಪದ್ಮನಾಭಯ್ಯ, ಎನ್ ಪಾರಸ್ ಪ್ರಸಾದ್, ಕಾರ್ಯದರ್ಶಿ ಸುಮಂತ್ ಎಸ್.ಆರ್, ಉಪಾಧ್ಯಕ್ಷ ಎಸ್.ಟಿ.ರಾಜೇಶ್, ಖಜಾಂಚಿ ಪವನ್ ಕುಮಾರ್, ಎಸ್.ವಿ.ನಿರಂಜನ್, ಸಂಕಿಘಟ್ಟ ಗ್ರಾಮಸ್ಥರು, ಸುತ್ತಮುತ್ತಲಿನ ಜೈನ ಸಮಾಜದ ಬಾಂಧವರು, ಗ್ರಾಮಸ್ಥರು ಉಪಸ್ಥಿತರಿದ್ದರು. ಕುಣಿಗಲ್, ಮಾಯಸಂದ್ರ, ಬೆಳ್ಳೂರು, ಶಿರಾ, ತುಮಕೂರು, ಬೆಂಗಳೂರು ಸೇರಿದಂತೆ ರಾಜ್ಯದ ವಿವಿಧ ಜಿಲ್ಲೆಗಳಿಂದ ಸಮಾಜ ಬಾಂಧವರು ಆಗಮಿಸಿದ್ದರು. ಸಂಜೆ ಶ್ರೀ ಭಗವಾನ್ ಮಹಾವೀರಸ್ವಾಮಿ ಅವರ ವಿಗ್ರಹವನ್ನು ಗ್ರಾಮದ ರಾಜಬೀದಿಯಲ್ಲಿ ವಿಜೃಂಭಣೆಯಿಂದ ಮೆರವಣಿಗೆ ಮಾಡಲಾಯಿತು.
